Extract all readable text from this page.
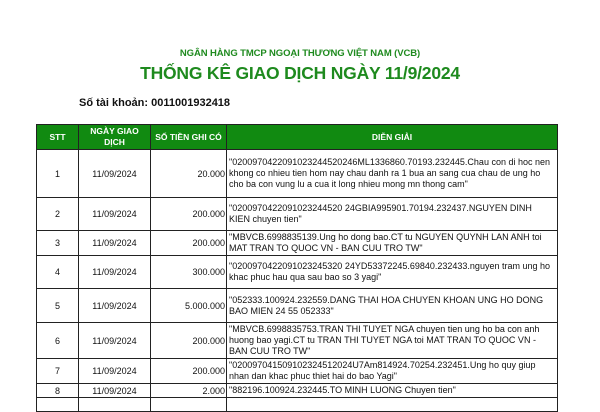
NGÂN HÀNG TMCP NGOẠI THƯƠNG VIỆT NAM (VCB)
THỐNG KÊ GIAO DỊCH NGÀY 11/9/2024
Số tài khoản: 0011001932418
STT	NGÀY GIAO DỊCH	SỐ TIỀN GHI CÓ	DIỄN GIẢI
1	11/09/2024	20.000	"0200970422091023244520246ML1336860.70193.232445.Chau con di hoc nen khong co nhieu tien hom nay chau danh ra 1 bua an sang cua chau de ung ho cho ba con vung lu a cua it long nhieu mong mn thong cam"
2	11/09/2024	200.000	"0200970422091023244520 24GBIA995901.70194.232437.NGUYEN DINH KIEN chuyen tien"
3	11/09/2024	200.000	"MBVCB.6998835139.Ung ho dong bao.CT tu NGUYEN QUYNH LAN ANH toi MAT TRAN TO QUOC VN - BAN CUU TRO TW"
4	11/09/2024	300.000	"0200970422091023245320 24YD53372245.69840.232433.nguyen tram ung ho khac phuc hau qua sau bao so 3 yagi"
5	11/09/2024	5.000.000	"052333.100924.232559.DANG THAI HOA CHUYEN KHOAN UNG HO DONG BAO MIEN 24 55 052333"
6	11/09/2024	200.000	"MBVCB.6998835753.TRAN THI TUYET NGA chuyen tien ung ho ba con anh huong bao yagi.CT tu TRAN THI TUYET NGA toi MAT TRAN TO QUOC VN - BAN CUU TRO TW"
7	11/09/2024	200.000	"020097041509102324512024U7Am814924.70254.232451.Ung ho quy giup nhan dan khac phuc thiet hai do bao Yagi"
8	11/09/2024	2.000	"882196.100924.232445.TO MINH LUONG Chuyen tien"
